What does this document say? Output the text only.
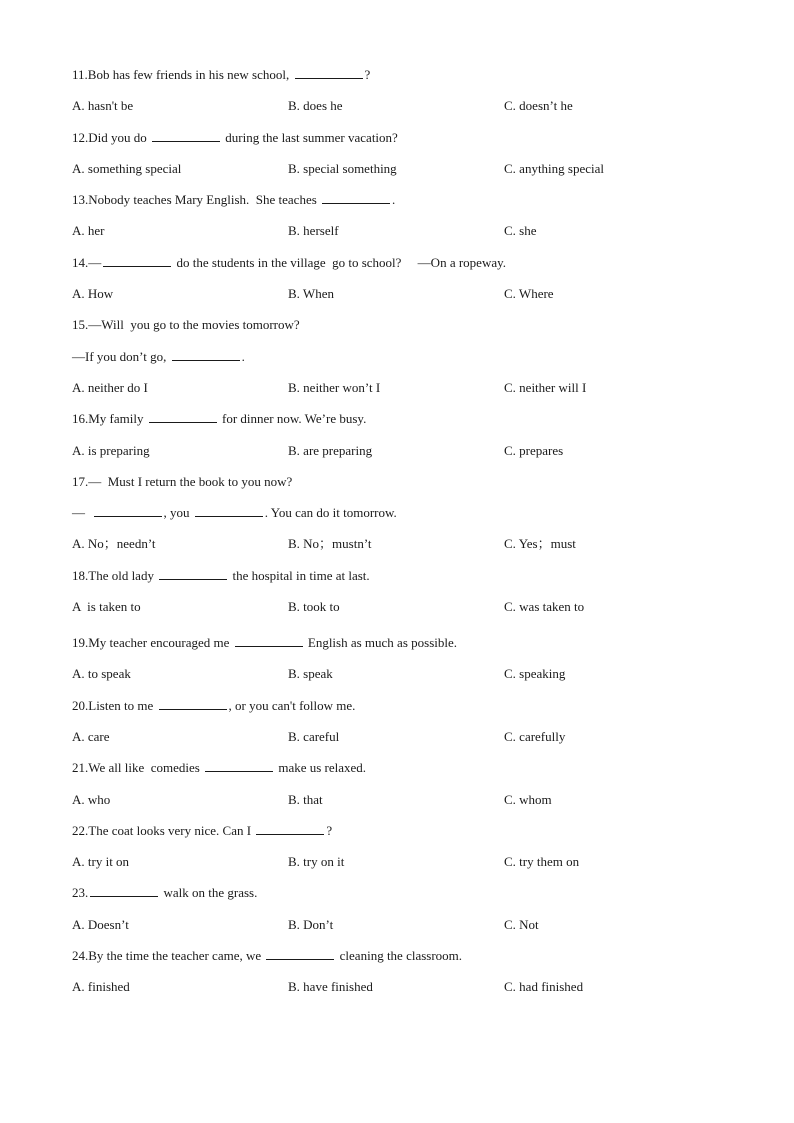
11.Bob has few friends in his new school,	?
A. hasn't be	B. does he	C. doesn’t he
12.Did you do	during the last summer vacation?
A. something special	B. special something	C. anything special
13.Nobody teaches Mary English.  She teaches	.
A. her	B. herself	C. she
14.—	do the students in the village  go to school?     —On a ropeway.
A. How	B. When	C. Where
15.—Will  you go to the movies tomorrow?
—If you don’t go,	.
A. neither do I	B. neither won’t I	C. neither will I
16.My family	for dinner now. We’re busy.
A. is preparing	B. are preparing	C. prepares
17.—  Must I return the book to you now?
—	, you	. You can do it tomorrow.
A. No；needn’t	B. No；mustn’t	C. Yes；must
18.The old lady	the hospital in time at last.
A  is taken to	B. took to	C. was taken to
19.My teacher encouraged me	English as much as possible.
A. to speak	B. speak	C. speaking
20.Listen to me	, or you can't follow me.
A. care	B. careful	C. carefully
21.We all like  comedies	make us relaxed.
A. who	B. that	C. whom
22.The coat looks very nice. Can I	?
A. try it on	B. try on it	C. try them on
23.	walk on the grass.
A. Doesn’t	B. Don’t	C. Not
24.By the time the teacher came, we	cleaning the classroom.
A. finished	B. have finished	C. had finished
